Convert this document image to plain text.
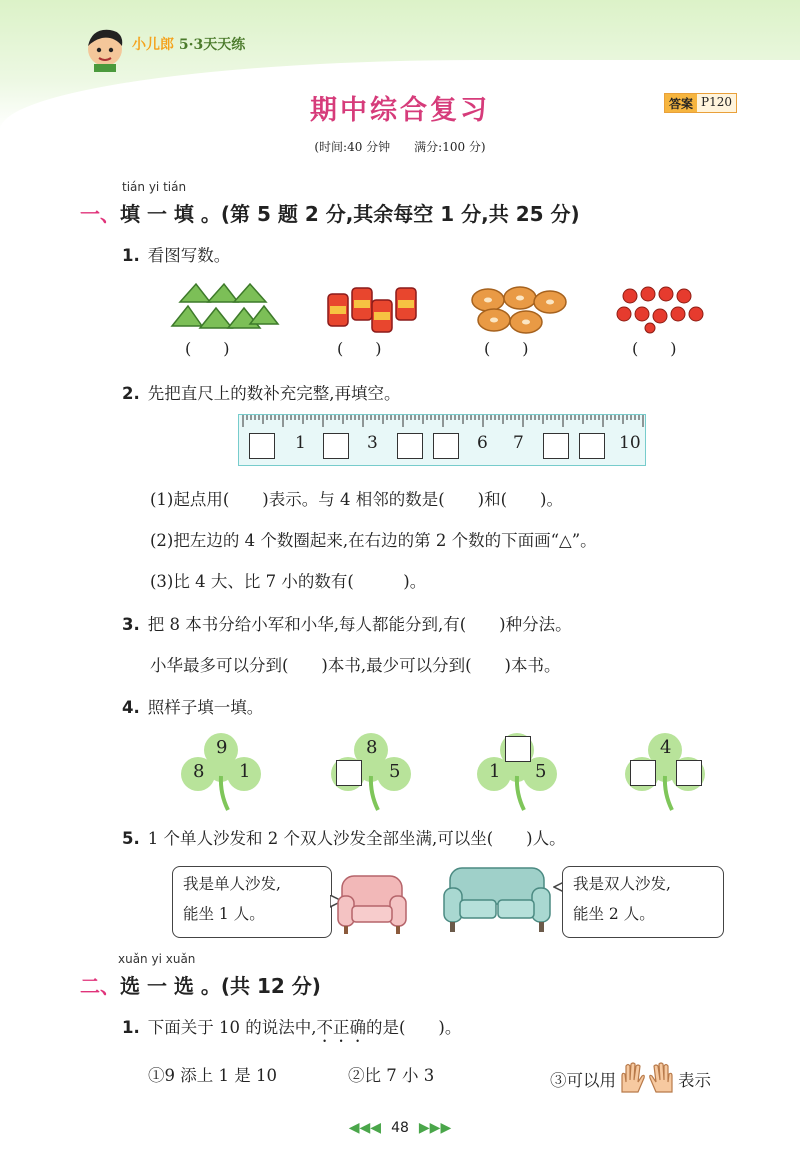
小儿郎 5·3天天练
期中综合复习	答案 P120
(时间:40 分钟　　满分:100 分)
tián yi tián
一、填 一 填 。(第 5 题 2 分,其余每空 1 分,共 25 分)
1. 看图写数。
(　　)	(　　)	(　　)	(　　)
2. 先把直尺上的数补充完整,再填空。
1	3	6 7	10
(1)起点用(　　)表示。与 4 相邻的数是(　　)和(　　)。
(2)把左边的 4 个数圈起来,在右边的第 2 个数的下面画“△”。
(3)比 4 大、比 7 小的数有(　　　)。
3. 把 8 本书分给小军和小华,每人都能分到,有(　　)种分法。
小华最多可以分到(　　)本书,最少可以分到(　　)本书。
4. 照样子填一填。
9
8 1
8
5	1 5
4
5. 1 个单人沙发和 2 个双人沙发全部坐满,可以坐(　　)人。
我是单人沙发,
能坐 1 人。
我是双人沙发,
能坐 2 人。
xuǎn yi xuǎn
二、选 一 选 。(共 12 分)
1. 下面关于 10 的说法中,不正确的是(　　)。
①9 添上 1 是 10	②比 7 小 3	③可以用	表示
◀◀◀ 48 ▶▶▶
